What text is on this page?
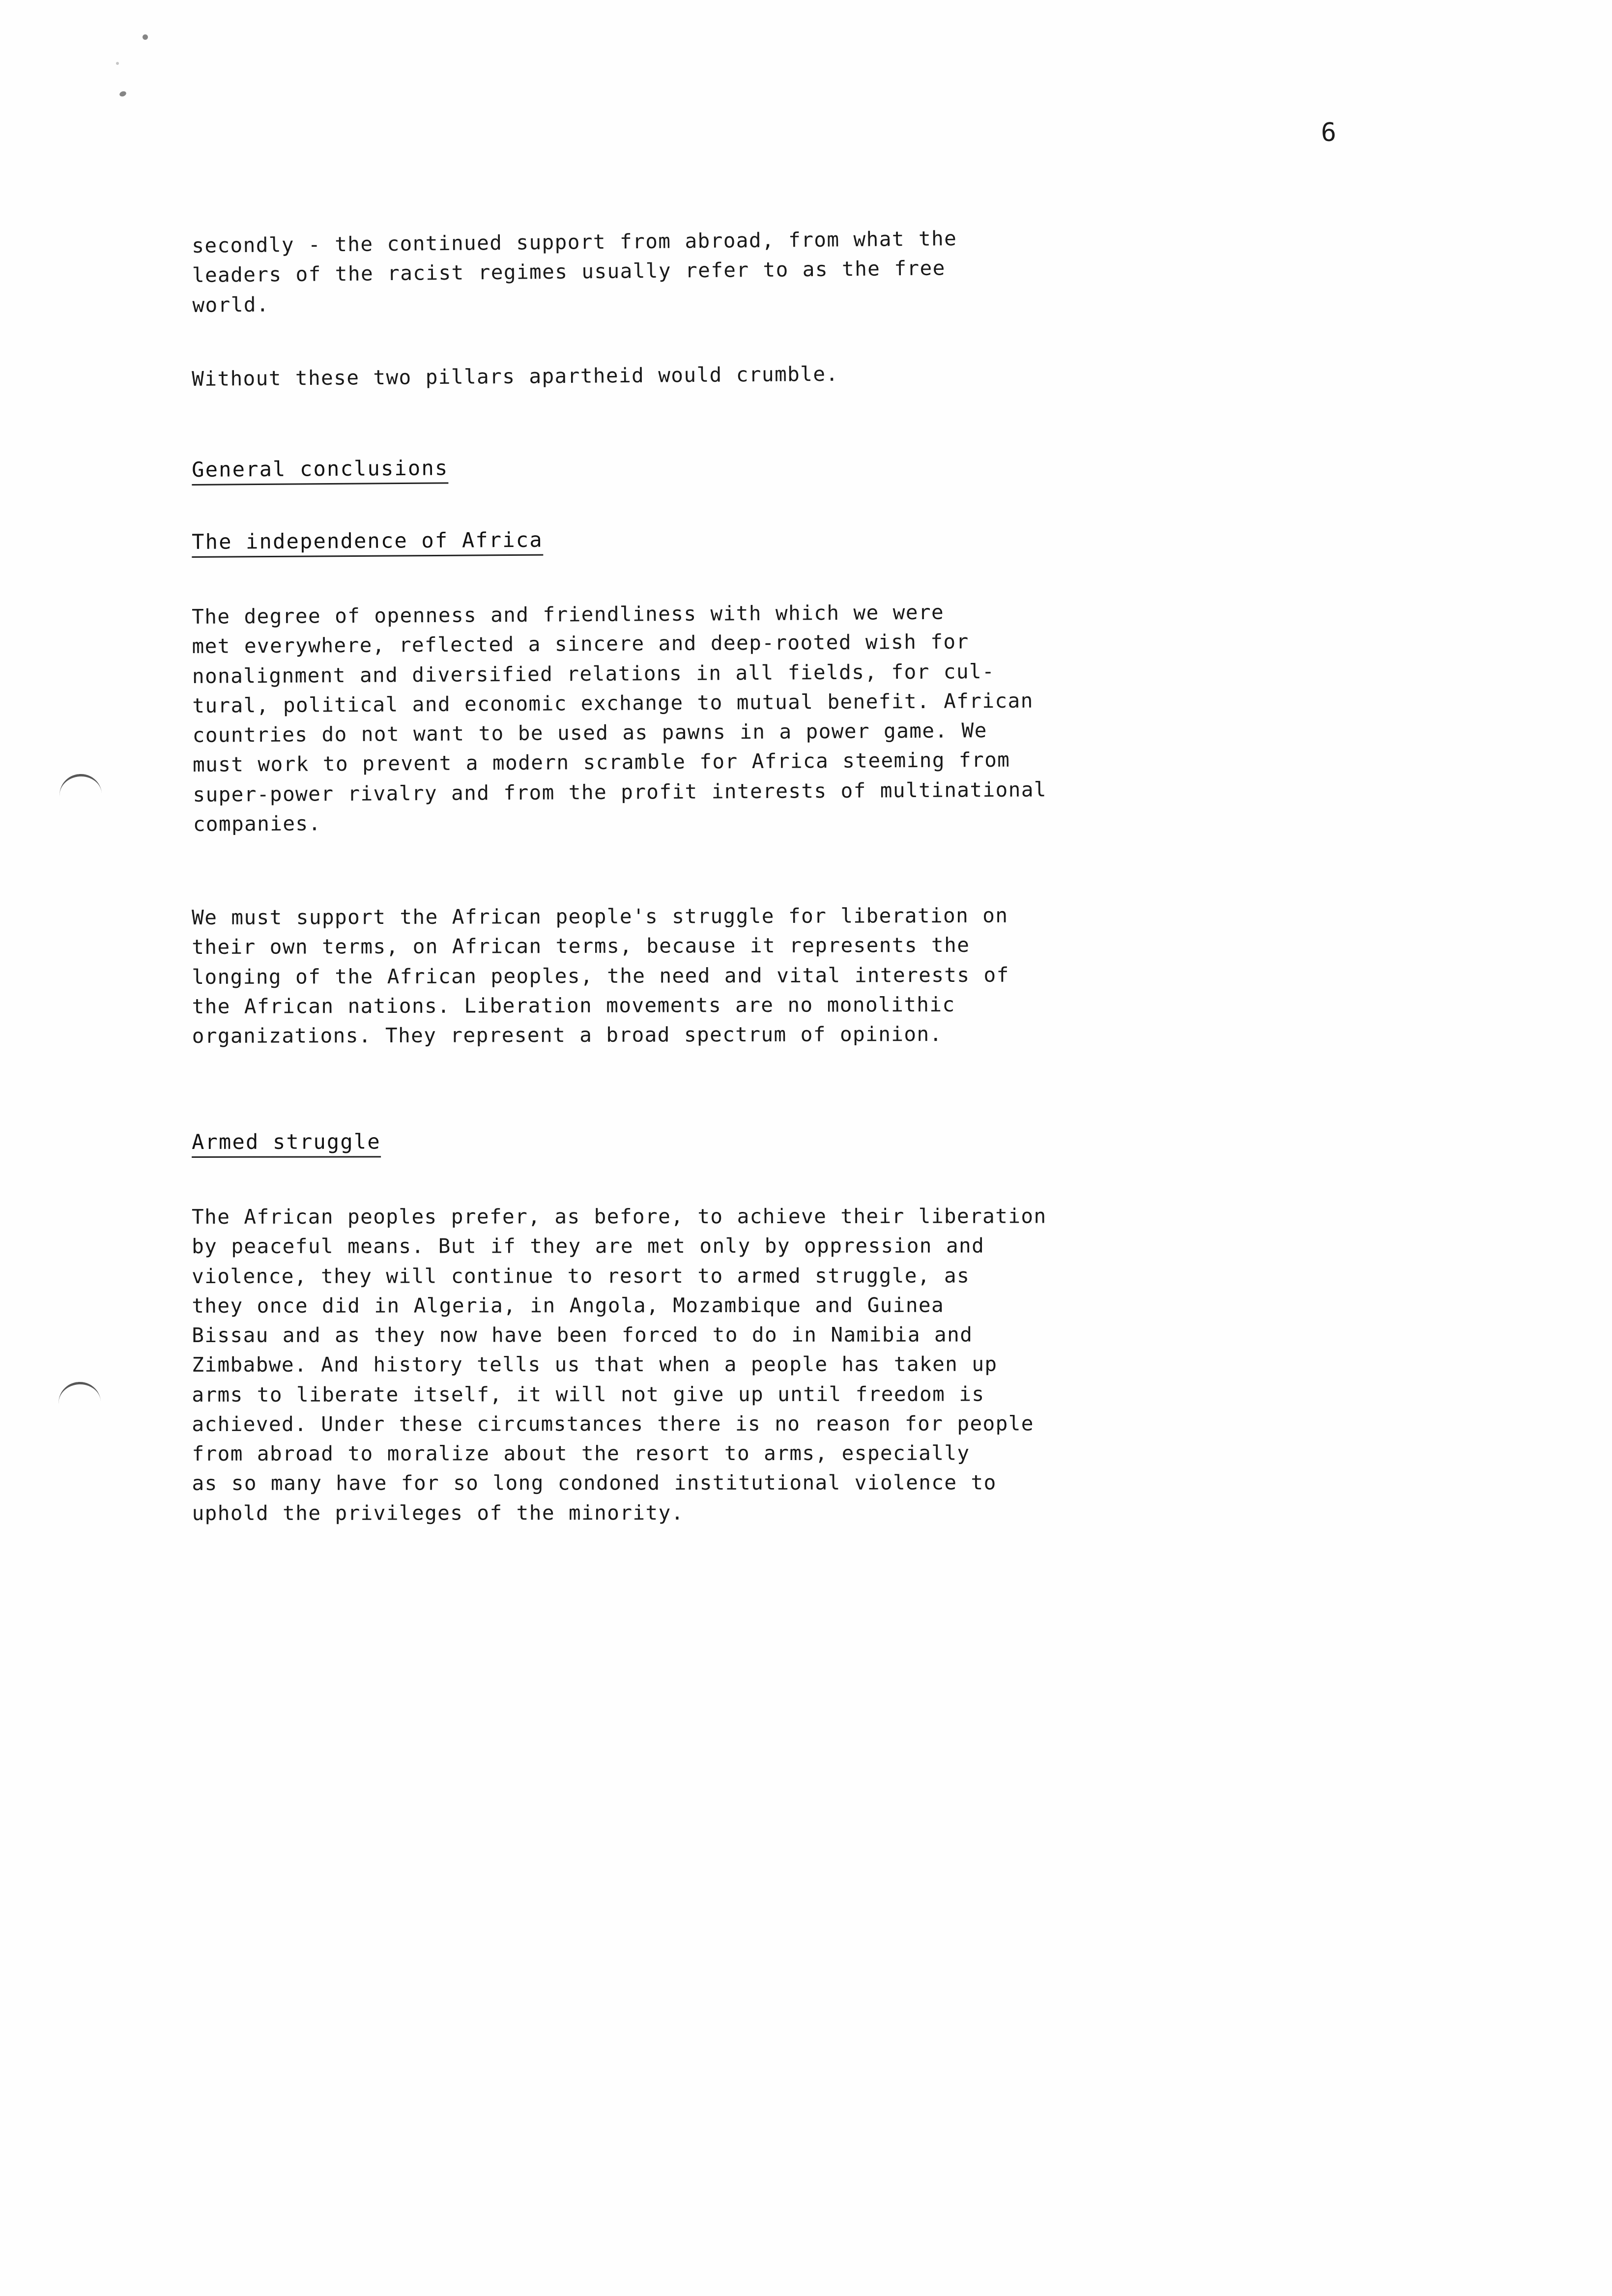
6

secondly - the continued support from abroad, from what the
leaders of the racist regimes usually refer to as the free
world.

Without these two pillars apartheid would crumble.

General conclusions
The independence of Africa

The degree of openness and friendliness with which we were
met everywhere, reflected a sincere and deep-rooted wish for
nonalignment and diversified relations in all fields, for cul-
tural, political and economic exchange to mutual benefit. African
countries do not want to be used as pawns in a power game. We
must work to prevent a modern scramble for Africa steeming from
super-power rivalry and from the profit interests of multinational
companies.

We must support the African people's struggle for liberation on
their own terms, on African terms, because it represents the
longing of the African peoples, the need and vital interests of
the African nations. Liberation movements are no monolithic
organizations. They represent a broad spectrum of opinion.

Armed struggle

The African peoples prefer, as before, to achieve their liberation
by peaceful means. But if they are met only by oppression and
violence, they will continue to resort to armed struggle, as
they once did in Algeria, in Angola, Mozambique and Guinea
Bissau and as they now have been forced to do in Namibia and
Zimbabwe. And history tells us that when a people has taken up
arms to liberate itself, it will not give up until freedom is
achieved. Under these circumstances there is no reason for people
from abroad to moralize about the resort to arms, especially
as so many have for so long condoned institutional violence to
uphold the privileges of the minority.
